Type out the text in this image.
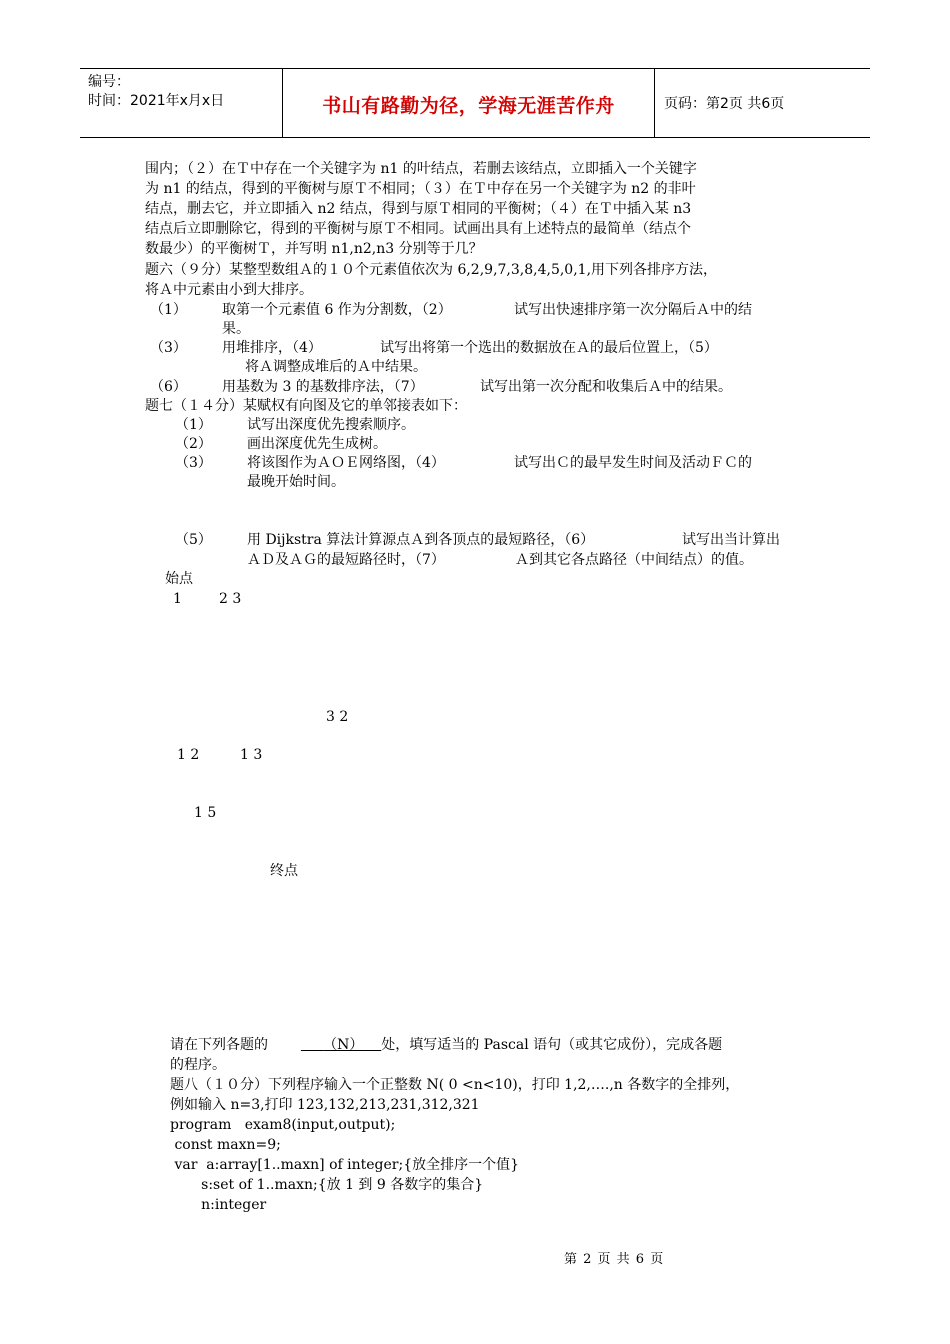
编号：
时间：2021年x月x日	书山有路勤为径，学海无涯苦作舟	页码：第2页 共6页
围内；（２）在Ｔ中存在一个关键字为 n1 的叶结点，若删去该结点，立即插入一个关键字
为 n1 的结点，得到的平衡树与原Ｔ不相同；（３）在Ｔ中存在另一个关键字为 n2 的非叶
结点，删去它，并立即插入 n2 结点，得到与原Ｔ相同的平衡树；（４）在Ｔ中插入某 n3
结点后立即删除它，得到的平衡树与原Ｔ不相同。试画出具有上述特点的最简单（结点个
数最少）的平衡树Ｔ，并写明 n1,n2,n3 分别等于几？
题六（９分）某整型数组Ａ的１０个元素值依次为 6,2,9,7,3,8,4,5,0,1,用下列各排序方法，
将Ａ中元素由小到大排序。
（1）	取第一个元素值 6 作为分割数，（2）	试写出快速排序第一次分隔后Ａ中的结
果。
（3）	用堆排序，（4）	试写出将第一个选出的数据放在Ａ的最后位置上，（5）
将Ａ调整成堆后的Ａ中结果。
（6）	用基数为 3 的基数排序法，（7）	试写出第一次分配和收集后Ａ中的结果。
题七（１４分）某赋权有向图及它的单邻接表如下：
（1）	试写出深度优先搜索顺序。
（2）	画出深度优先生成树。
（3）	将该图作为ＡＯＥ网络图，（4）	试写出Ｃ的最早发生时间及活动ＦＣ的
最晚开始时间。
（5）	用 Dijkstra 算法计算源点Ａ到各顶点的最短路径，（6）	试写出当计算出
ＡＤ及ＡＧ的最短路径时，（7）	Ａ到其它各点路径（中间结点）的值。
始点
1	2 3
3 2
1 2	1 3
1 5
终点
请在下列各题的	（N） 处，填写适当的 Pascal 语句（或其它成份），完成各题
的程序。
题八（１０分）下列程序输入一个正整数 N( 0 <n<10)，打印 1,2,….,n 各数字的全排列，
例如输入 n=3,打印 123,132,213,231,312,321
program   exam8(input,output);
const maxn=9;
var  a:array[1..maxn] of integer;{放全排序一个值}
s:set of 1..maxn;{放 1 到 9 各数字的集合}
n:integer
第 2 页 共 6 页
